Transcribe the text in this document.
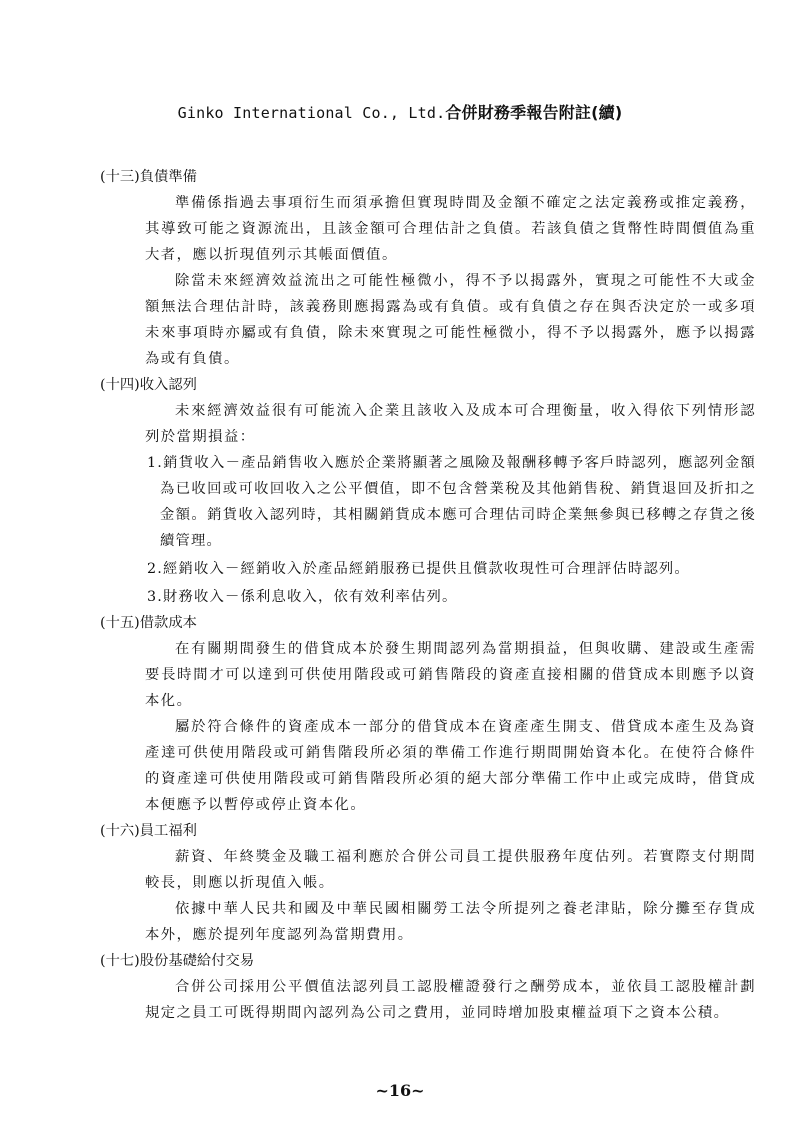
Ginko International Co., Ltd.合併財務季報告附註(續)

(十三)負債準備

準備係指過去事項衍生而須承擔但實現時間及金額不確定之法定義務或推定義務，其導致可能之資源流出，且該金額可合理估計之負債。若該負債之貨幣性時間價值為重大者，應以折現值列示其帳面價值。

除當未來經濟效益流出之可能性極微小，得不予以揭露外，實現之可能性不大或金額無法合理估計時，該義務則應揭露為或有負債。或有負債之存在與否決定於一或多項未來事項時亦屬或有負債，除未來實現之可能性極微小，得不予以揭露外，應予以揭露為或有負債。

(十四)收入認列

未來經濟效益很有可能流入企業且該收入及成本可合理衡量，收入得依下列情形認列於當期損益：

1.銷貨收入－產品銷售收入應於企業將顯著之風險及報酬移轉予客戶時認列，應認列金額為已收回或可收回收入之公平價值，即不包含營業稅及其他銷售稅、銷貨退回及折扣之金額。銷貨收入認列時，其相關銷貨成本應可合理估司時企業無參與已移轉之存貨之後續管理。

2.經銷收入－經銷收入於產品經銷服務已提供且償款收現性可合理評估時認列。

3.財務收入－係利息收入，依有效利率估列。

(十五)借款成本

在有關期間發生的借貸成本於發生期間認列為當期損益，但與收購、建設或生產需要長時間才可以達到可供使用階段或可銷售階段的資產直接相關的借貸成本則應予以資本化。

屬於符合條件的資產成本一部分的借貸成本在資產產生開支、借貸成本產生及為資產達可供使用階段或可銷售階段所必須的準備工作進行期間開始資本化。在使符合條件的資產達可供使用階段或可銷售階段所必須的絕大部分準備工作中止或完成時，借貸成本便應予以暫停或停止資本化。

(十六)員工福利

薪資、年終獎金及職工福利應於合併公司員工提供服務年度估列。若實際支付期間較長，則應以折現值入帳。

依據中華人民共和國及中華民國相關勞工法令所提列之養老津貼，除分攤至存貨成本外，應於提列年度認列為當期費用。

(十七)股份基礎給付交易

合併公司採用公平價值法認列員工認股權證發行之酬勞成本，並依員工認股權計劃規定之員工可既得期間內認列為公司之費用，並同時增加股東權益項下之資本公積。

~16~
